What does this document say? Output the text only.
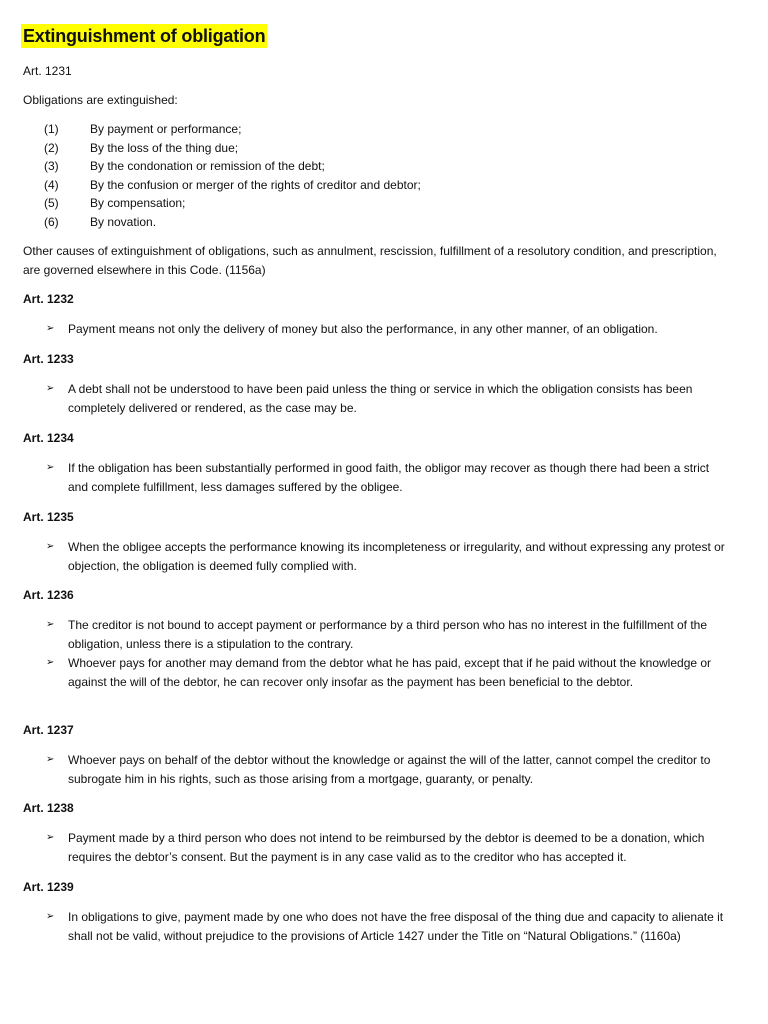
Extinguishment of obligation
Art. 1231
Obligations are extinguished:
(1)	By payment or performance;
(2)	By the loss of the thing due;
(3)	By the condonation or remission of the debt;
(4)	By the confusion or merger of the rights of creditor and debtor;
(5)	By compensation;
(6)	By novation.
Other causes of extinguishment of obligations, such as annulment, rescission, fulfillment of a resolutory condition, and prescription, are governed elsewhere in this Code. (1156a)
Art. 1232
➢ Payment means not only the delivery of money but also the performance, in any other manner, of an obligation.
Art. 1233
➢ A debt shall not be understood to have been paid unless the thing or service in which the obligation consists has been completely delivered or rendered, as the case may be.
Art. 1234
➢ If the obligation has been substantially performed in good faith, the obligor may recover as though there had been a strict and complete fulfillment, less damages suffered by the obligee.
Art. 1235
➢ When the obligee accepts the performance knowing its incompleteness or irregularity, and without expressing any protest or objection, the obligation is deemed fully complied with.
Art. 1236
➢ The creditor is not bound to accept payment or performance by a third person who has no interest in the fulfillment of the obligation, unless there is a stipulation to the contrary.
➢ Whoever pays for another may demand from the debtor what he has paid, except that if he paid without the knowledge or against the will of the debtor, he can recover only insofar as the payment has been beneficial to the debtor.
Art. 1237
➢ Whoever pays on behalf of the debtor without the knowledge or against the will of the latter, cannot compel the creditor to subrogate him in his rights, such as those arising from a mortgage, guaranty, or penalty.
Art. 1238
➢ Payment made by a third person who does not intend to be reimbursed by the debtor is deemed to be a donation, which requires the debtor’s consent. But the payment is in any case valid as to the creditor who has accepted it.
Art. 1239
➢ In obligations to give, payment made by one who does not have the free disposal of the thing due and capacity to alienate it shall not be valid, without prejudice to the provisions of Article 1427 under the Title on “Natural Obligations.” (1160a)
